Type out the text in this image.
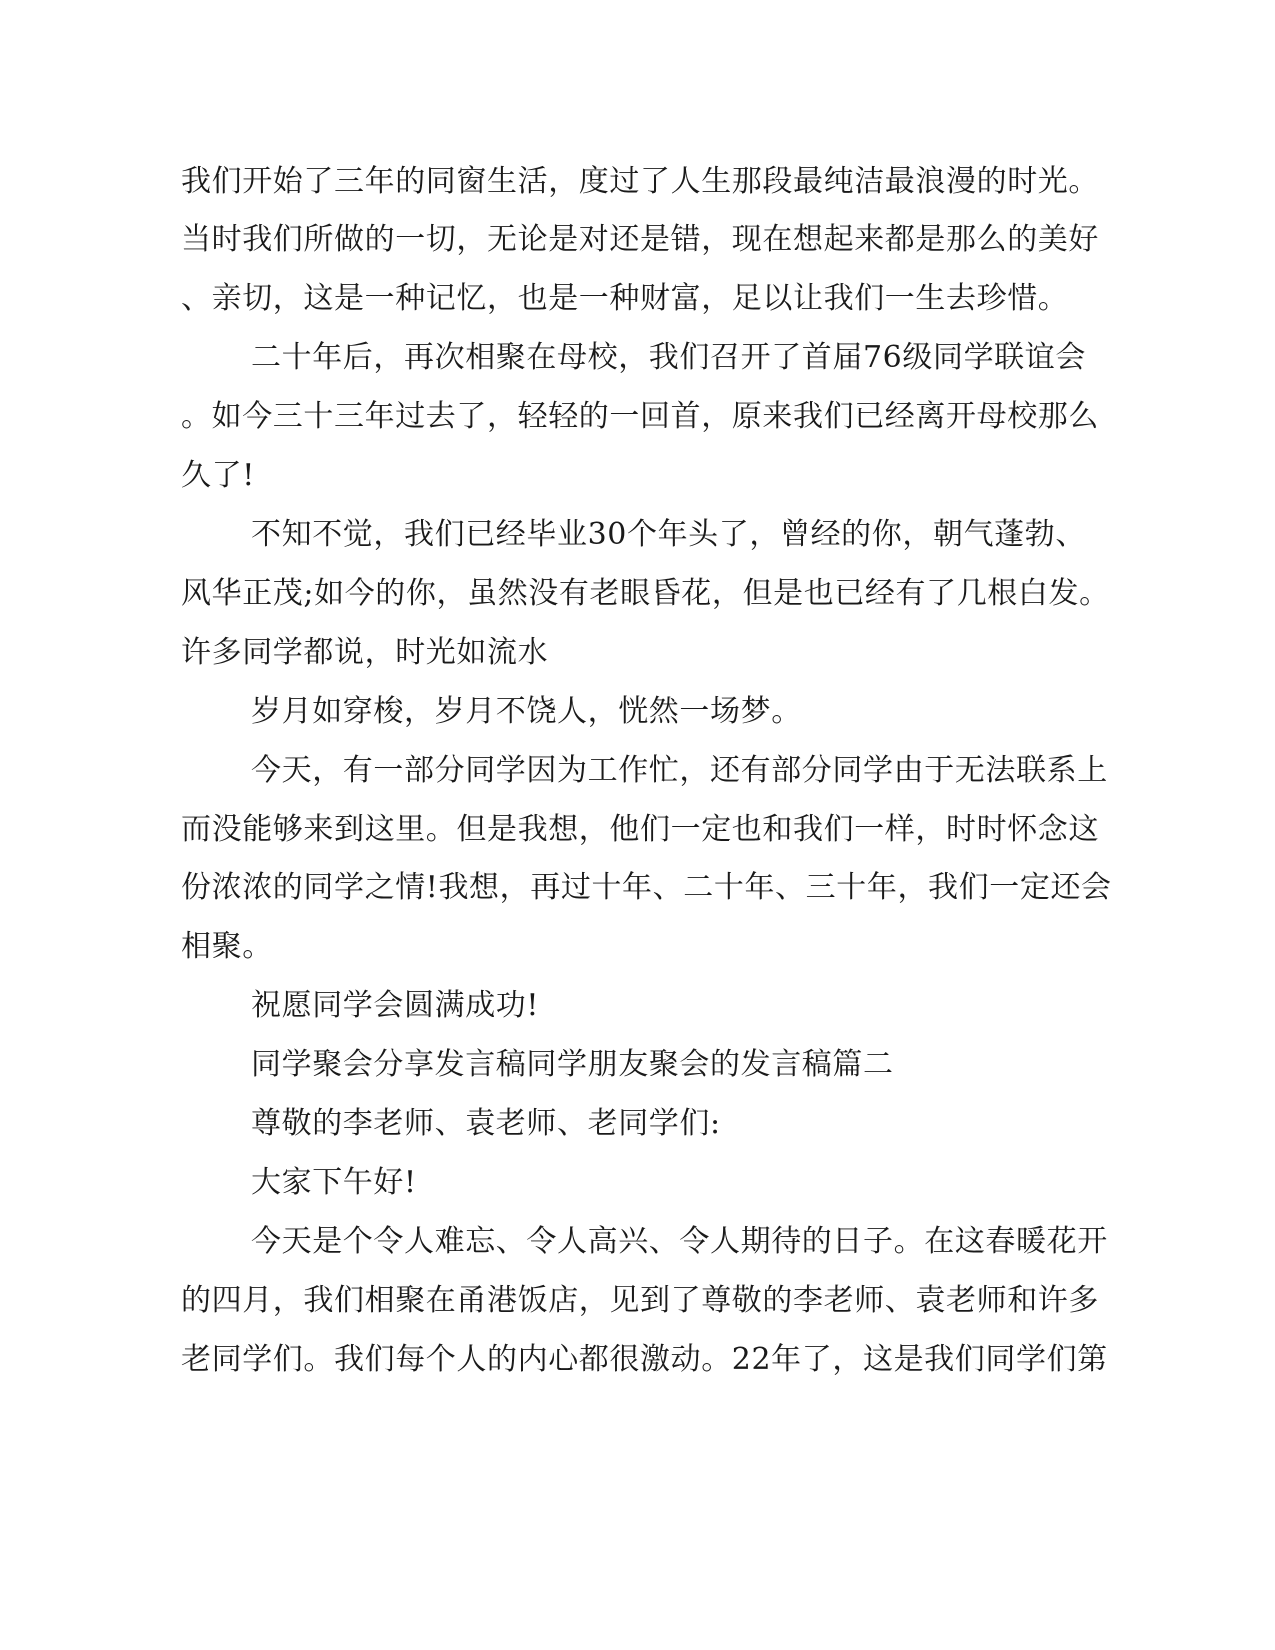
我们开始了三年的同窗生活，度过了人生那段最纯洁最浪漫的时光。
当时我们所做的一切，无论是对还是错，现在想起来都是那么的美好
、亲切，这是一种记忆，也是一种财富，足以让我们一生去珍惜。
二十年后，再次相聚在母校，我们召开了首届76级同学联谊会
。如今三十三年过去了，轻轻的一回首，原来我们已经离开母校那么
久了!
不知不觉，我们已经毕业30个年头了，曾经的你，朝气蓬勃、
风华正茂;如今的你，虽然没有老眼昏花，但是也已经有了几根白发。
许多同学都说，时光如流水
岁月如穿梭，岁月不饶人，恍然一场梦。
今天，有一部分同学因为工作忙，还有部分同学由于无法联系上
而没能够来到这里。但是我想，他们一定也和我们一样，时时怀念这
份浓浓的同学之情!我想，再过十年、二十年、三十年，我们一定还会
相聚。
祝愿同学会圆满成功!
同学聚会分享发言稿同学朋友聚会的发言稿篇二
尊敬的李老师、袁老师、老同学们:
大家下午好!
今天是个令人难忘、令人高兴、令人期待的日子。在这春暖花开
的四月，我们相聚在甬港饭店，见到了尊敬的李老师、袁老师和许多
老同学们。我们每个人的内心都很激动。22年了，这是我们同学们第
